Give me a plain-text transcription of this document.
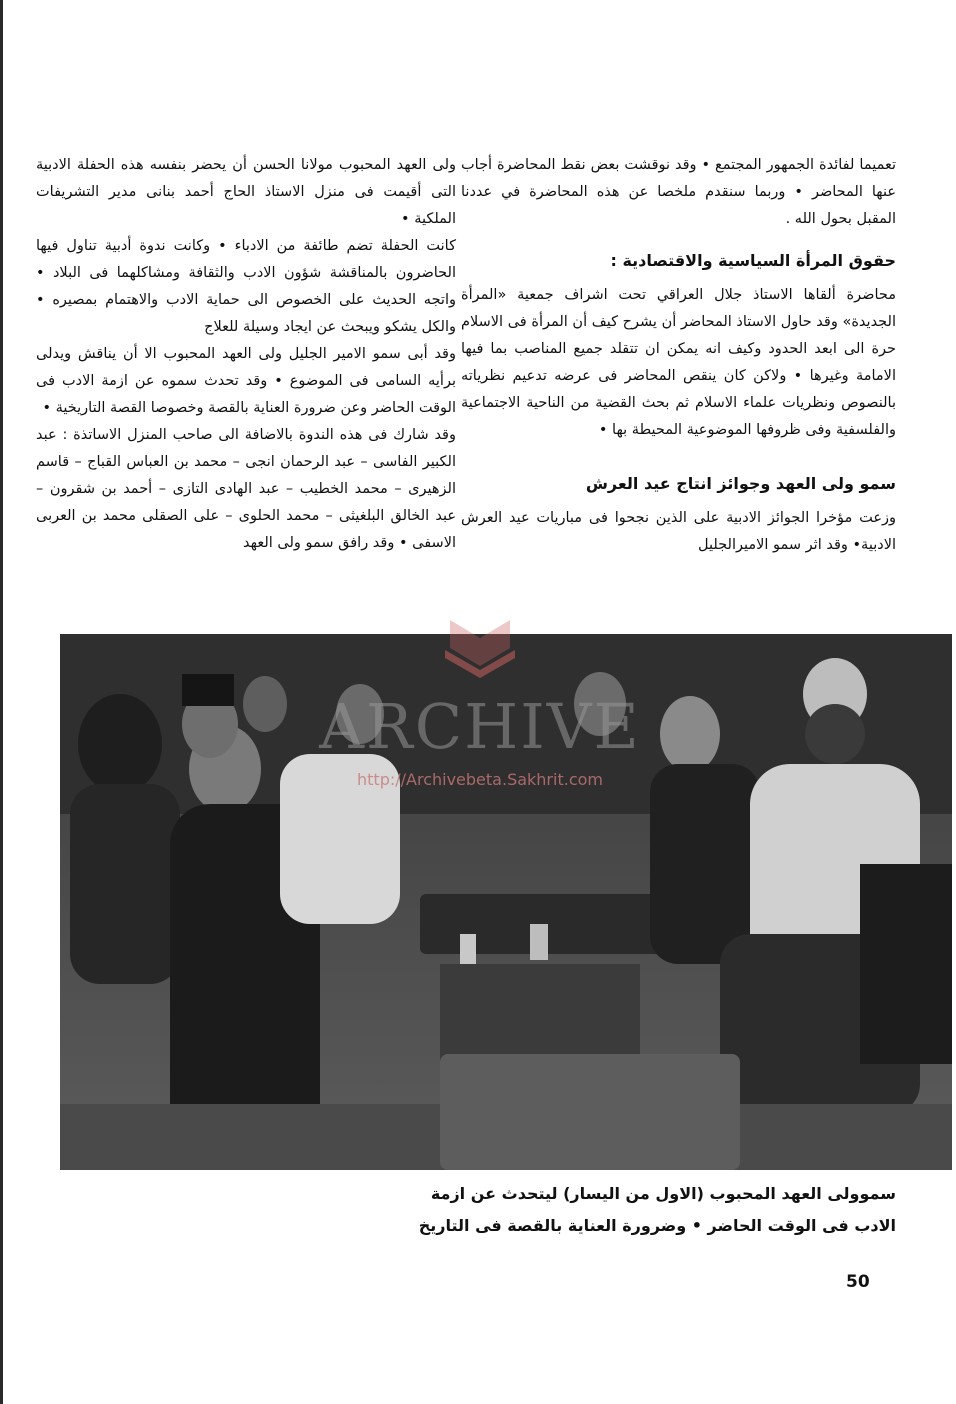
تعميما لفائدة الجمهور المجتمع • وقد نوقشت بعض نقط المحاضرة أجاب عنها المحاضر • وربما سنقدم ملخصا عن هذه المحاضرة في عددنا المقبل بحول الله .

حقوق المرأة السياسية والاقتصادية :

محاضرة ألقاها الاستاذ جلال العراقي تحت اشراف جمعية «المرأة الجديدة» وقد حاول الاستاذ المحاضر أن يشرح كيف أن المرأة فى الاسلام حرة الى ابعد الحدود وكيف انه يمكن ان تتقلد جميع المناصب بما فيها الامامة وغيرها • ولاكن كان ينقص المحاضر فى عرضه تدعيم نظرياته بالنصوص ونظريات علماء الاسلام ثم بحث القضية من الناحية الاجتماعية والفلسفية وفى ظروفها الموضوعية المحيطة بها •

سمو ولى العهد وجوائز انتاج عيد العرش

وزعت مؤخرا الجوائز الادبية على الذين نجحوا فى مباريات عيد العرش الادبية• وقد اثر سمو الاميرالجليل

ولى العهد المحبوب مولانا الحسن أن يحضر بنفسه هذه الحفلة الادبية التى أقيمت فى منزل الاستاذ الحاج أحمد بنانى مدير التشريفات الملكية •

كانت الحفلة تضم طائفة من الادباء • وكانت ندوة أدبية تناول فيها الحاضرون بالمناقشة شؤون الادب والثقافة ومشاكلهما فى البلاد • واتجه الحديث على الخصوص الى حماية الادب والاهتمام بمصيره • والكل يشكو ويبحث عن ايجاد وسيلة للعلاج

وقد أبى سمو الامير الجليل ولى العهد المحبوب الا أن يناقش ويدلى برأيه السامى فى الموضوع • وقد تحدث سموه عن ازمة الادب فى الوقت الحاضر وعن ضرورة العناية بالقصة وخصوصا القصة التاريخية •

وقد شارك فى هذه الندوة بالاضافة الى صاحب المنزل الاساتذة : عبد الكبير الفاسى – عبد الرحمان انجى – محمد بن العباس القباج – قاسم الزهيرى – محمد الخطيب – عبد الهادى التازى – أحمد بن شقرون – عبد الخالق البلغيثى – محمد الحلوى – على الصقلى محمد بن العربى الاسفى • وقد رافق سمو ولى العهد

ARCHIVE
http://Archivebeta.Sakhrit.com
سموولى العهد المحبوب (الاول من اليسار) ليتحدث عن ازمة
الادب فى الوقت الحاضر • وضرورة العناية بالقصة فى التاريخ
50
